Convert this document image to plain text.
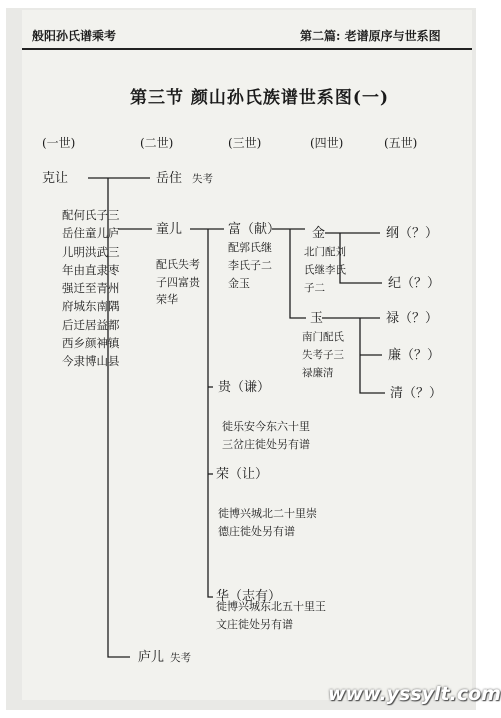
般阳孙氏谱乘考	第二篇: 老谱原序与世系图
第三节 颜山孙氏族谱世系图(一)
(一世)	(二世)	(三世)	(四世)	(五世)
克让
配何氏子三岳住童儿庐儿明洪武三年由直隶枣强迁至青州府城东南隅后迁居益都西乡颜神镇今隶博山县
岳住 失考
童儿
配氏失考子四富贵荣华
庐儿 失考
富（献）
配郭氏继李氏子二金玉
贵（谦）
徙乐安今东六十里三岔庄徙处另有谱
荣（让）
徙博兴城北二十里崇德庄徙处另有谱
华（志有）
徙博兴城东北五十里王文庄徙处另有谱
金
北门配刘氏继李氏子二
玉
南门配氏失考子三禄廉清
纲（？）
纪（？）
禄（？）
廉（？）
清（？）
www.yssylt.com
